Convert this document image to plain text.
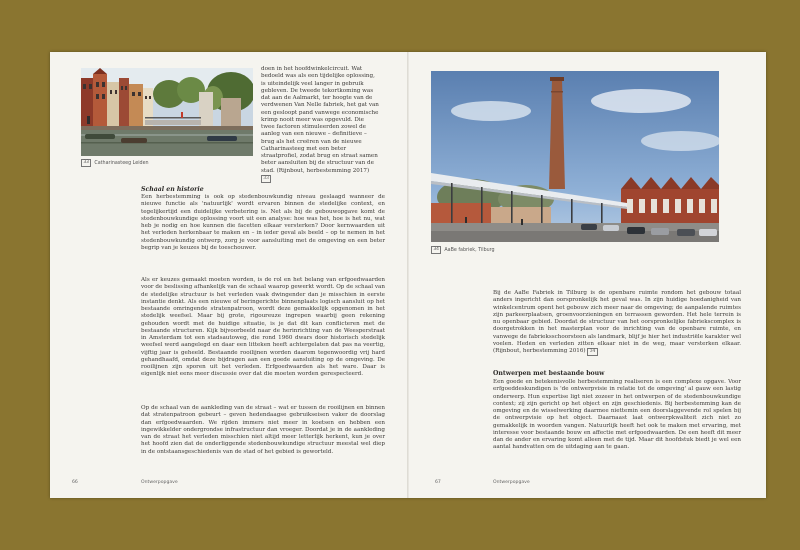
33	Catharinasteeg Leiden

doen in het hoofdwinkelcircuit. Wat bedoeld was als een tijdelijke oplossing, is uiteindelijk veel langer in gebruik gebleven. De tweede tekortkoming was dat aan de Aalmarkt, ter hoogte van de verdwenen Van Nelle fabriek, het gat van een gesloopt pand vanwege economische krimp nooit meer was opgevuld. Die twee factoren stimuleerden zowel de aanleg van een nieuwe – definitieve – brug als het creëren van de nieuwe Catharinasteeg met een beter straatprofiel, zodat brug en straat samen beter aansluiten bij de structuur van de stad. (Rijnbout, herbestemming 2017) 33

Schaal en historie

Een herbestemming is ook op stedenbouwkundig niveau geslaagd wanneer de nieuwe functie als 'natuurlijk' wordt ervaren binnen de stedelijke context, en tegelijkertijd een duidelijke verbetering is. Net als bij de gebouwopgave komt de stedenbouwkundige oplossing voort uit een analyse: hoe was het, hoe is het nu, wat heb je nodig en hoe kunnen die facetten elkaar versterken? Door kernwaarden uit het verleden herkenbaar te maken en – in ieder geval als beeld – op te nemen in het stedenbouwkundig ontwerp, zorg je voor aansluiting met de omgeving en een beter begrip van je keuzes bij de toeschouwer.

Als er keuzes gemaakt moeten worden, is de rol en het belang van erfgoedwaarden voor de beslissing afhankelijk van de schaal waarop gewerkt wordt. Op de schaal van de stedelijke structuur is het verleden vaak dwingender dan je misschien in eerste instantie denkt. Als een nieuwe of beringerichte binnenplaats logisch aansluit op het bestaande omringende stratenpatroon, wordt deze gemakkelijk opgenomen in het stedelijk weefsel. Maar bij grote, rigoureuze ingrepen waarbij geen rekening gehouden wordt met de huidige situatie, is je dat dit kan conflicteren met de bestaande structuren. Kijk bijvoorbeeld naar de herinrichting van de Weesperstraat in Amsterdam tot een stadsautoweg, die rond 1960 dwars door historisch stedelijk weefsel werd aangelegd en daar een litteken heeft achtergelaten dat pas na veertig, vijftig jaar is geheeld. Bestaande rooilijnen worden daarom tegenwoordig vrij hard gehandhaafd, omdat deze bijdragen aan een goede aansluiting op de omgeving. De rooilijnen zijn sporen uit het verleden. Erfgoedwaarden als het ware. Daar is eigenlijk niet eens meer discussie over dat die moeten worden gerespecteerd.

Op de schaal van de aankleding van de straat – wat er tussen de rooilijnen en binnen dat stratenpatroon gebeurt – geven hedendaagse gebruikseisen vaker de doorslag dan erfgoedwaarden. We rijden immers niet meer in koetsen en hebben een ingewikkelder ondergrondse infrastructuur dan vroeger. Doordat je in de aankleding van de straat het verleden misschien niet altijd meer letterlijk herkent, kun je over het hoofd zien dat de onderliggende stedenbouwkundige structuur meestal wel diep in de ontstaansgeschiedenis van de stad of het gebied is geworteld.

66	Ontwerpopgave
34	AaBe fabriek, Tilburg

Bij de AaBe Fabriek in Tilburg is de openbare ruimte rondom het gebouw totaal anders ingericht dan oorspronkelijk het geval was. In zijn huidige hoedanigheid van winkelcentrum opent het gebouw zich meer naar de omgeving; de aanpalende ruimtes zijn parkeerplaatsen, groenvoorzieningen en terrassen geworden. Het hele terrein is nu openbaar gebied. Doordat de structuur van het oorspronkelijke fabriekscomplex is doorgetrokken in het masterplan voor de inrichting van de openbare ruimte, en vanwege de fabrieksschoorsteen als landmark, blijf je hier het industriële karakter wel voelen. Heden en verleden zitten elkaar niet in de weg, maar versterken elkaar. (Rijnbout, herbestemming 2016) 34

Ontwerpen met bestaande bouw

Een goede en betekenisvolle herbestemming realiseren is een complexe opgave. Voor erfgoeddeskundigen is 'de ontwerpvisie in relatie tot de omgeving' al gauw een lastig onderwerp. Hun expertise ligt niet zozeer in het ontwerpen of de stedenbouwkundige context; zij zijn gericht op het object en zijn geschiedenis. Bij herbestemming kan de omgeving en de wisselwerking daarmee niettemin een doorslaggevende rol spelen bij de ontwerpvisie op het object. Daarnaast laat ontwerpkwaliteit zich niet zo gemakkelijk in woorden vangen. Natuurlijk heeft het ook te maken met ervaring, met interesse voor bestaande bouw en affectie met erfgoedwaarden. De een heeft dit meer dan de ander en ervaring komt alleen met de tijd. Maar dit hoofdstuk biedt je wel een aantal handvatten om de uitdaging aan te gaan.

67	Ontwerpopgave
